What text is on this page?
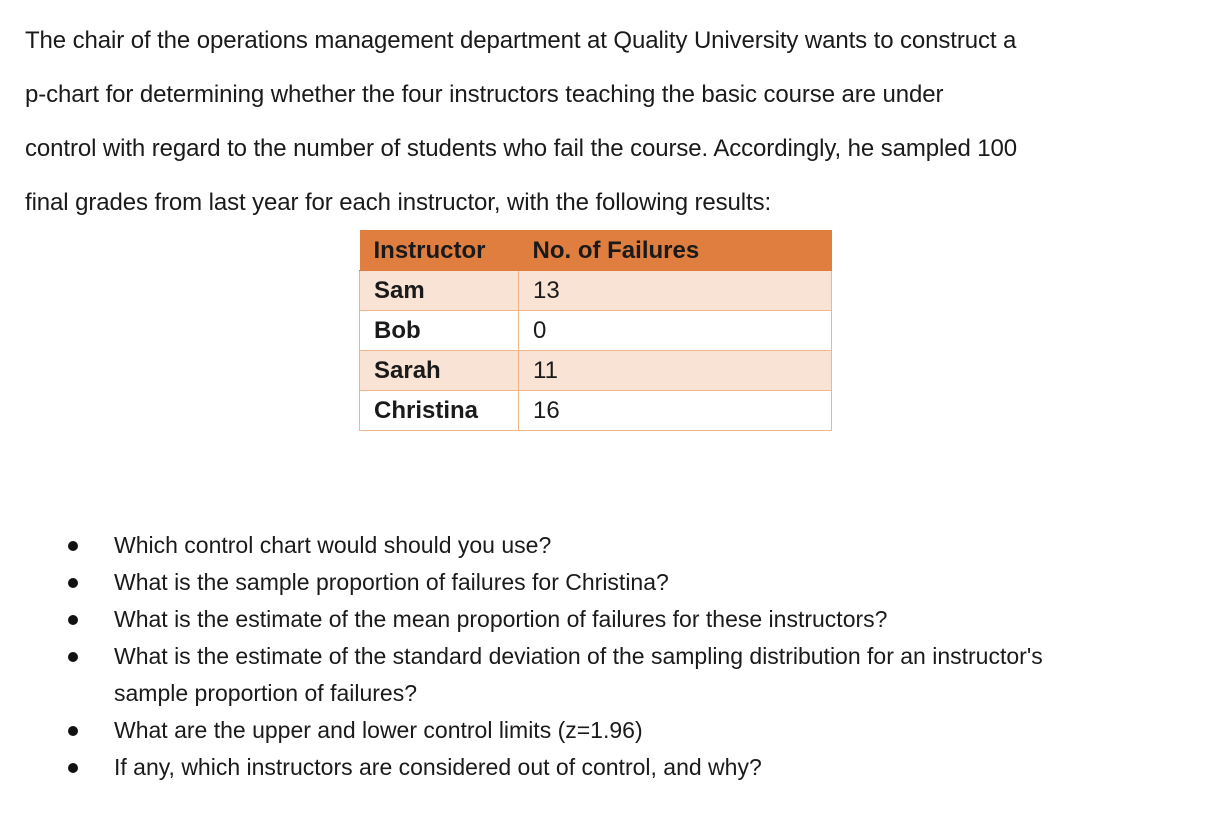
The chair of the operations management department at Quality University wants to construct a
p-chart for determining whether the four instructors teaching the basic course are under
control with regard to the number of students who fail the course. Accordingly, he sampled 100
final grades from last year for each instructor, with the following results:

Instructor	No. of Failures
Sam	13
Bob	0
Sarah	11
Christina	16
Which control chart would should you use?
What is the sample proportion of failures for Christina?
What is the estimate of the mean proportion of failures for these instructors?
What is the estimate of the standard deviation of the sampling distribution for an instructor's sample proportion of failures?
What are the upper and lower control limits (z=1.96)
If any, which instructors are considered out of control, and why?
